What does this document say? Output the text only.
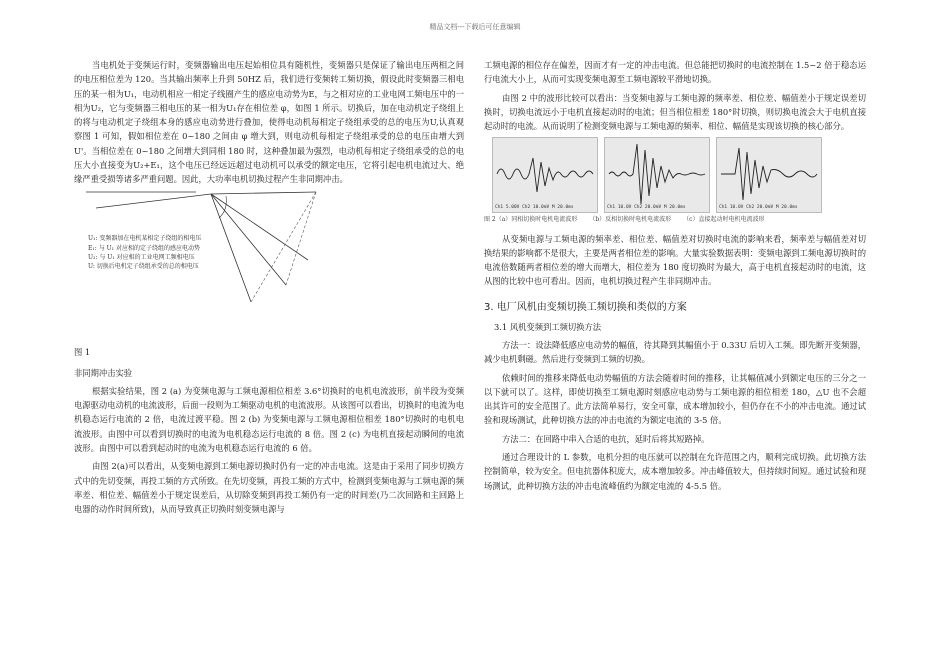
精品文档---下载后可任意编辑

当电机处于变频运行时，变频器输出电压起始相位具有随机性，变频器只是保证了输出电压两相之间的电压相位差为 120。当其输出频率上升到 50HZ 后，我们进行变频转工频切换，假设此时变频器三相电压的某一相为U₁，电动机相应一相定子线圈产生的感应电动势为E，与之相对应的工业电网工频电压中的一相为U₂，它与变频器三相电压的某一相为U₁存在相位差 φ，如图 1 所示。切换后，加在电动机定子绕组上的将与电动机定子绕组本身的感应电动势进行叠加，使得电动机每相定子绕组承受的总的电压为U,认真观察图 1 可知，假如相位差在 0~180 之间由 φ 增大到，则电动机每相定子绕组承受的总的电压由增大到U'。当相位差在 0~180 之间增大到同相 180 时，这种叠加最为强烈，电动机每相定子绕组承受的总的电压大小直接变为U₂+E₁，这个电压已经远远超过电动机可以承受的额定电压，它将引起电机电流过大、绝缘严重受损等诸多严重问题。因此，大功率电机切换过程产生非同期冲击。

U₁: 变频器加在电机某相定子绕组的相电压
E₁: 与 U₁ 对应相的定子绕组的感应电动势
U₂: 与 U₁ 对应相的工业电网工频相电压
U: 切换后电机定子绕组承受的总的相电压

图 1

非同期冲击实验

根据实验结果，图 2 (a) 为变频电源与工频电源相位相差 3.6°切换时的电机电流波形，前半段为变频电源驱动电动机的电流波形，后面一段则为工频驱动电机的电流波形。从该图可以看出，切换时的电流为电机稳态运行电流的 2 倍，电流过渡平稳。图 2 (b) 为变频电源与工频电源相位相差 180°切换时的电机电流波形。由图中可以看到切换时的电流为电机稳态运行电流的 8 倍。图 2 (c) 为电机直接起动瞬间的电流波形。由图中可以看到起动时的电流为电机稳态运行电流的 6 倍。

由图 2(a)可以看出，从变频电源到工频电源切换时仍有一定的冲击电流。这是由于采用了同步切换方式中的先切变频，再投工频的方式所致。在先切变频，再投工频的方式中，检测到变频电源与工频电源的频率差、相位差、幅值差小于规定误差后，从切除变频到再投工频仍有一定的时间差(乃二次回路和主回路上电器的动作时间所致)，从而导致真正切换时刻变频电源与

工频电源的相位存在偏差，因而才有一定的冲击电流。但总能把切换时的电流控制在 1.5~2 倍于稳态运行电流大小上，从而可实现变频电源至工频电源较平滑地切换。

由图 2 中的波形比较可以看出：当变频电源与工频电源的频率差、相位差、幅值差小于规定误差切换时，切换电流远小于电机直接起动时的电流；但当相位相差 180°时切换，则切换电流会大于电机直接起动时的电流。从而说明了检测变频电源与工频电源的频率、相位、幅值是实现该切换的核心部分。

Ch1 5.00V Ch2 10.0mV M 20.0ms	Ch1 10.0V Ch2 20.0mV M 20.0ms	Ch1 10.0V Ch2 20.0mV M 20.0ms
图 2（a）同相切换时电机电流波形 （b）反相切换时电机电流波形 （c）直接起动时电机电流波形

从变频电源与工频电源的频率差、相位差、幅值差对切换时电流的影响来看，频率差与幅值差对切换结果的影响都不是很大，主要是两者相位差的影响。大量实验数据表明：变频电源到工频电源切换时的电流倍数随两者相位差的增大而增大，相位差为 180 度切换时为最大，高于电机直接起动时的电流，这从图的比较中也可看出。因而，电机切换过程产生非同期冲击。

3. 电厂风机由变频切换工频切换和类似的方案
3.1 风机变频到工频切换方法

方法一：设法降低感应电动势的幅值，待其降到其幅值小于 0.33U 后切入工频。即先断开变频器，减少电机剩磁。然后进行变频到工频的切换。

依赖时间的推移来降低电动势幅值的方法会随着时间的推移，让其幅值减小到额定电压的三分之一以下就可以了。这样，即使切换至工频电源时刻感应电动势与工频电源的相位相差 180，△U 也不会超出其许可的安全范围了。此方法简单易行，安全可靠，成本增加较小，但仍存在不小的冲击电流。通过试验和现场测试，此种切换方法的冲击电流约为额定电流的 3-5 倍。

方法二：在回路中串入合适的电抗，延时后将其短路掉。

通过合理设计的 L 参数，电机分担的电压就可以控制在允许范围之内，顺利完成切换。此切换方法控制简单，较为安全。但电抗器体积庞大，成本增加较多。冲击峰值较大，但持续时间短。通过试验和现场测试，此种切换方法的冲击电流峰值约为额定电流的 4-5.5 倍。
